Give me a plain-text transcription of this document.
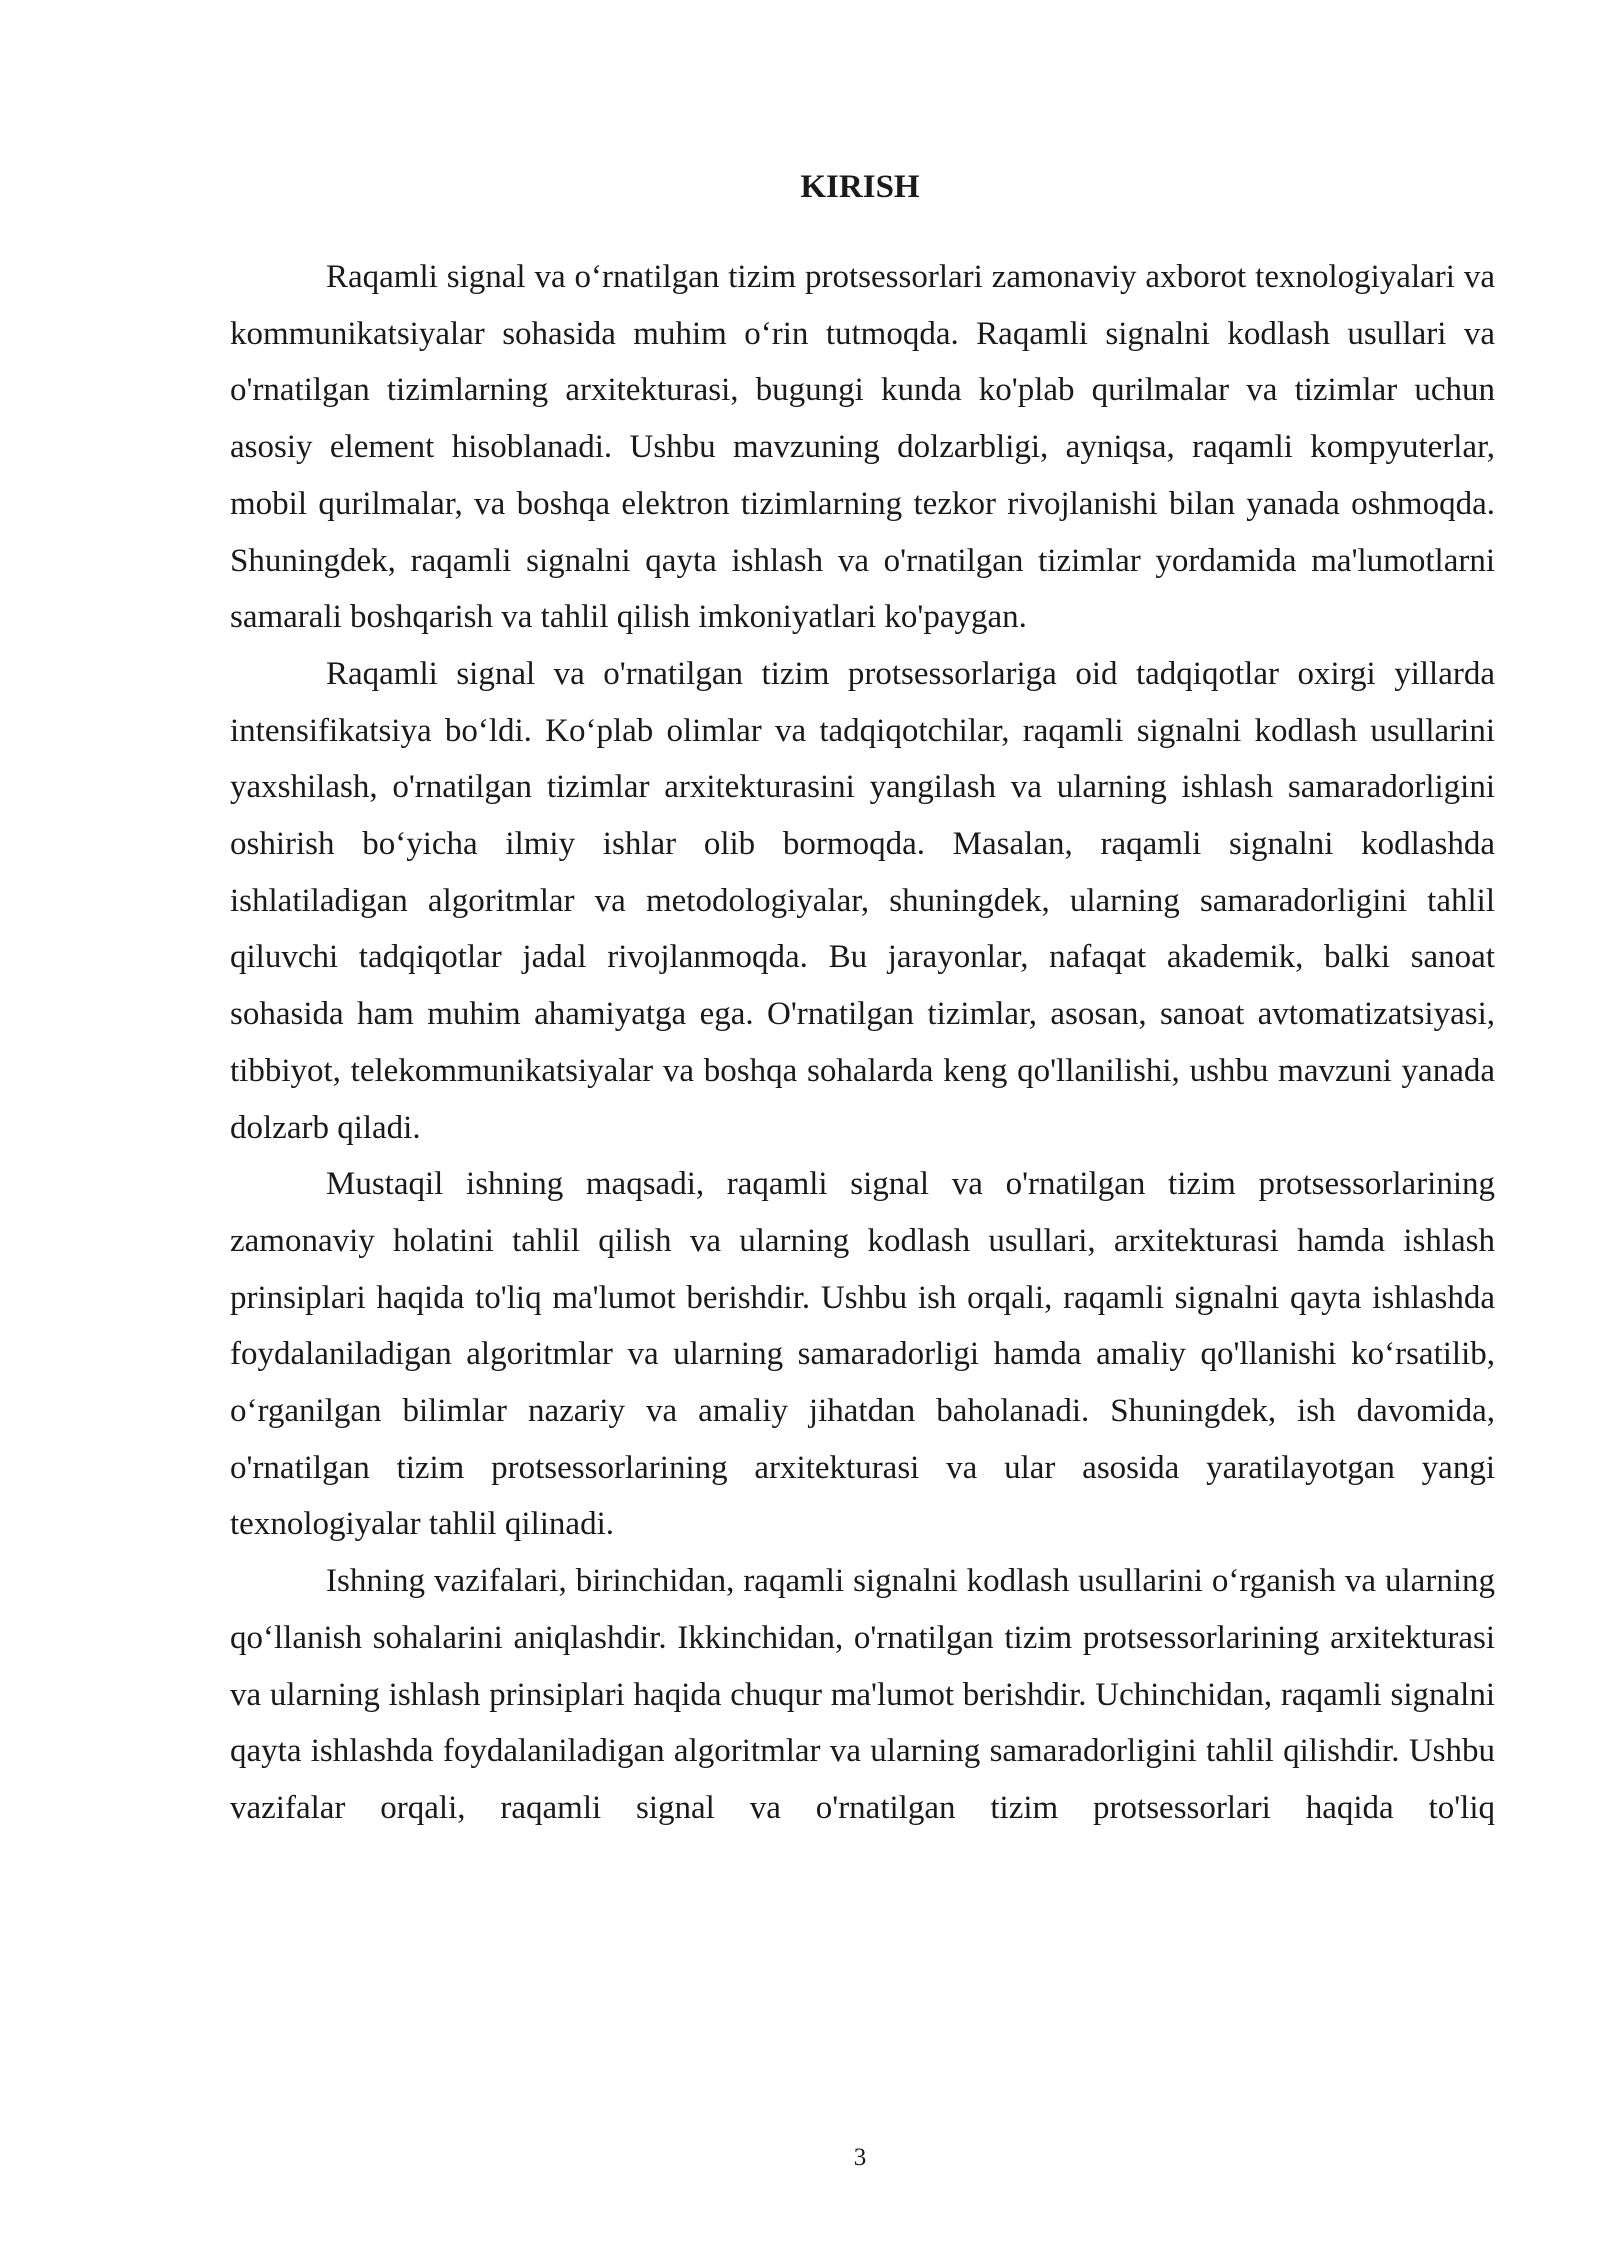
KIRISH

Raqamli signal va o‘rnatilgan tizim protsessorlari zamonaviy axborot texnologiyalari va kommunikatsiyalar sohasida muhim o‘rin tutmoqda. Raqamli signalni kodlash usullari va o'rnatilgan tizimlarning arxitekturasi, bugungi kunda ko'plab qurilmalar va tizimlar uchun asosiy element hisoblanadi. Ushbu mavzuning dolzarbligi, ayniqsa, raqamli kompyuterlar, mobil qurilmalar, va boshqa elektron tizimlarning tezkor rivojlanishi bilan yanada oshmoqda. Shuningdek, raqamli signalni qayta ishlash va o'rnatilgan tizimlar yordamida ma'lumotlarni samarali boshqarish va tahlil qilish imkoniyatlari ko'paygan.

Raqamli signal va o'rnatilgan tizim protsessorlariga oid tadqiqotlar oxirgi yillarda intensifikatsiya bo‘ldi. Ko‘plab olimlar va tadqiqotchilar, raqamli signalni kodlash usullarini yaxshilash, o'rnatilgan tizimlar arxitekturasini yangilash va ularning ishlash samaradorligini oshirish bo‘yicha ilmiy ishlar olib bormoqda. Masalan, raqamli signalni kodlashda ishlatiladigan algoritmlar va metodologiyalar, shuningdek, ularning samaradorligini tahlil qiluvchi tadqiqotlar jadal rivojlanmoqda. Bu jarayonlar, nafaqat akademik, balki sanoat sohasida ham muhim ahamiyatga ega. O'rnatilgan tizimlar, asosan, sanoat avtomatizatsiyasi, tibbiyot, telekommunikatsiyalar va boshqa sohalarda keng qo'llanilishi, ushbu mavzuni yanada dolzarb qiladi.

Mustaqil ishning maqsadi, raqamli signal va o'rnatilgan tizim protsessorlarining zamonaviy holatini tahlil qilish va ularning kodlash usullari, arxitekturasi hamda ishlash prinsiplari haqida to'liq ma'lumot berishdir. Ushbu ish orqali, raqamli signalni qayta ishlashda foydalaniladigan algoritmlar va ularning samaradorligi hamda amaliy qo'llanishi ko‘rsatilib, o‘rganilgan bilimlar nazariy va amaliy jihatdan baholanadi. Shuningdek, ish davomida, o'rnatilgan tizim protsessorlarining arxitekturasi va ular asosida yaratilayotgan yangi texnologiyalar tahlil qilinadi.

Ishning vazifalari, birinchidan, raqamli signalni kodlash usullarini o‘rganish va ularning qo‘llanish sohalarini aniqlashdir. Ikkinchidan, o'rnatilgan tizim protsessorlarining arxitekturasi va ularning ishlash prinsiplari haqida chuqur ma'lumot berishdir. Uchinchidan, raqamli signalni qayta ishlashda foydalaniladigan algoritmlar va ularning samaradorligini tahlil qilishdir. Ushbu vazifalar orqali, raqamli signal va o'rnatilgan tizim protsessorlari haqida to'liq

3
